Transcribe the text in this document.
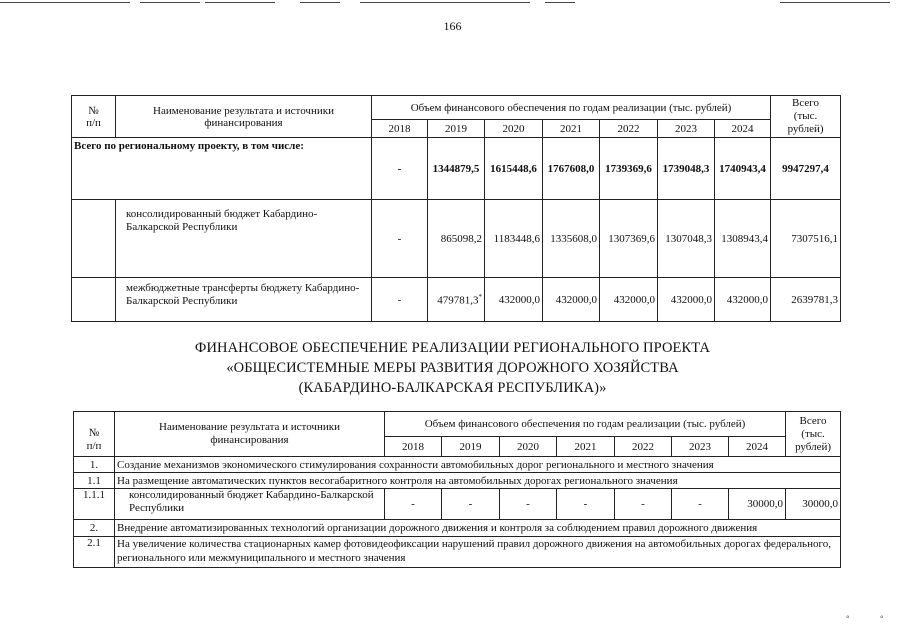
166
№
п/п	Наименование результата и источники
финансирования	Объем финансового обеспечения по годам реализации (тыс. рублей)							Всего
(тыс.
рублей)
		2018	2019	2020	2021	2022	2023	2024	
Всего по региональному проекту, в том числе:		-	1344879,5	1615448,6	1767608,0	1739369,6	1739048,3	1740943,4	9947297,4
	консолидированный бюджет Кабардино-Балкарской Республики	-	865098,2	1183448,6	1335608,0	1307369,6	1307048,3	1308943,4	7307516,1
	межбюджетные трансферты бюджету Кабардино-Балкарской Республики	-	479781,3*	432000,0	432000,0	432000,0	432000,0	432000,0	2639781,3
ФИНАНСОВОЕ ОБЕСПЕЧЕНИЕ РЕАЛИЗАЦИИ РЕГИОНАЛЬНОГО ПРОЕКТА
«ОБЩЕСИСТЕМНЫЕ МЕРЫ РАЗВИТИЯ ДОРОЖНОГО ХОЗЯЙСТВА
(КАБАРДИНО-БАЛКАРСКАЯ РЕСПУБЛИКА)»
№
п/п	Наименование результата и источники
финансирования	Объем финансового обеспечения по годам реализации (тыс. рублей)							Всего
(тыс.
рублей)
		2018	2019	2020	2021	2022	2023	2024	
1.	Создание механизмов экономического стимулирования сохранности автомобильных дорог регионального и местного значения								
1.1	На размещение автоматических пунктов весогабаритного контроля на автомобильных дорогах регионального значения								
1.1.1	консолидированный бюджет Кабардино-Балкарской Республики	-	-	-	-	-	-	30000,0	30000,0
2.	Внедрение автоматизированных технологий организации дорожного движения и контроля за соблюдением правил дорожного движения								
2.1	На увеличение количества стационарных камер фотовидеофиксации нарушений правил дорожного движения на автомобильных дорогах федерального, регионального или межмуниципального и местного значения								
◦	◦
